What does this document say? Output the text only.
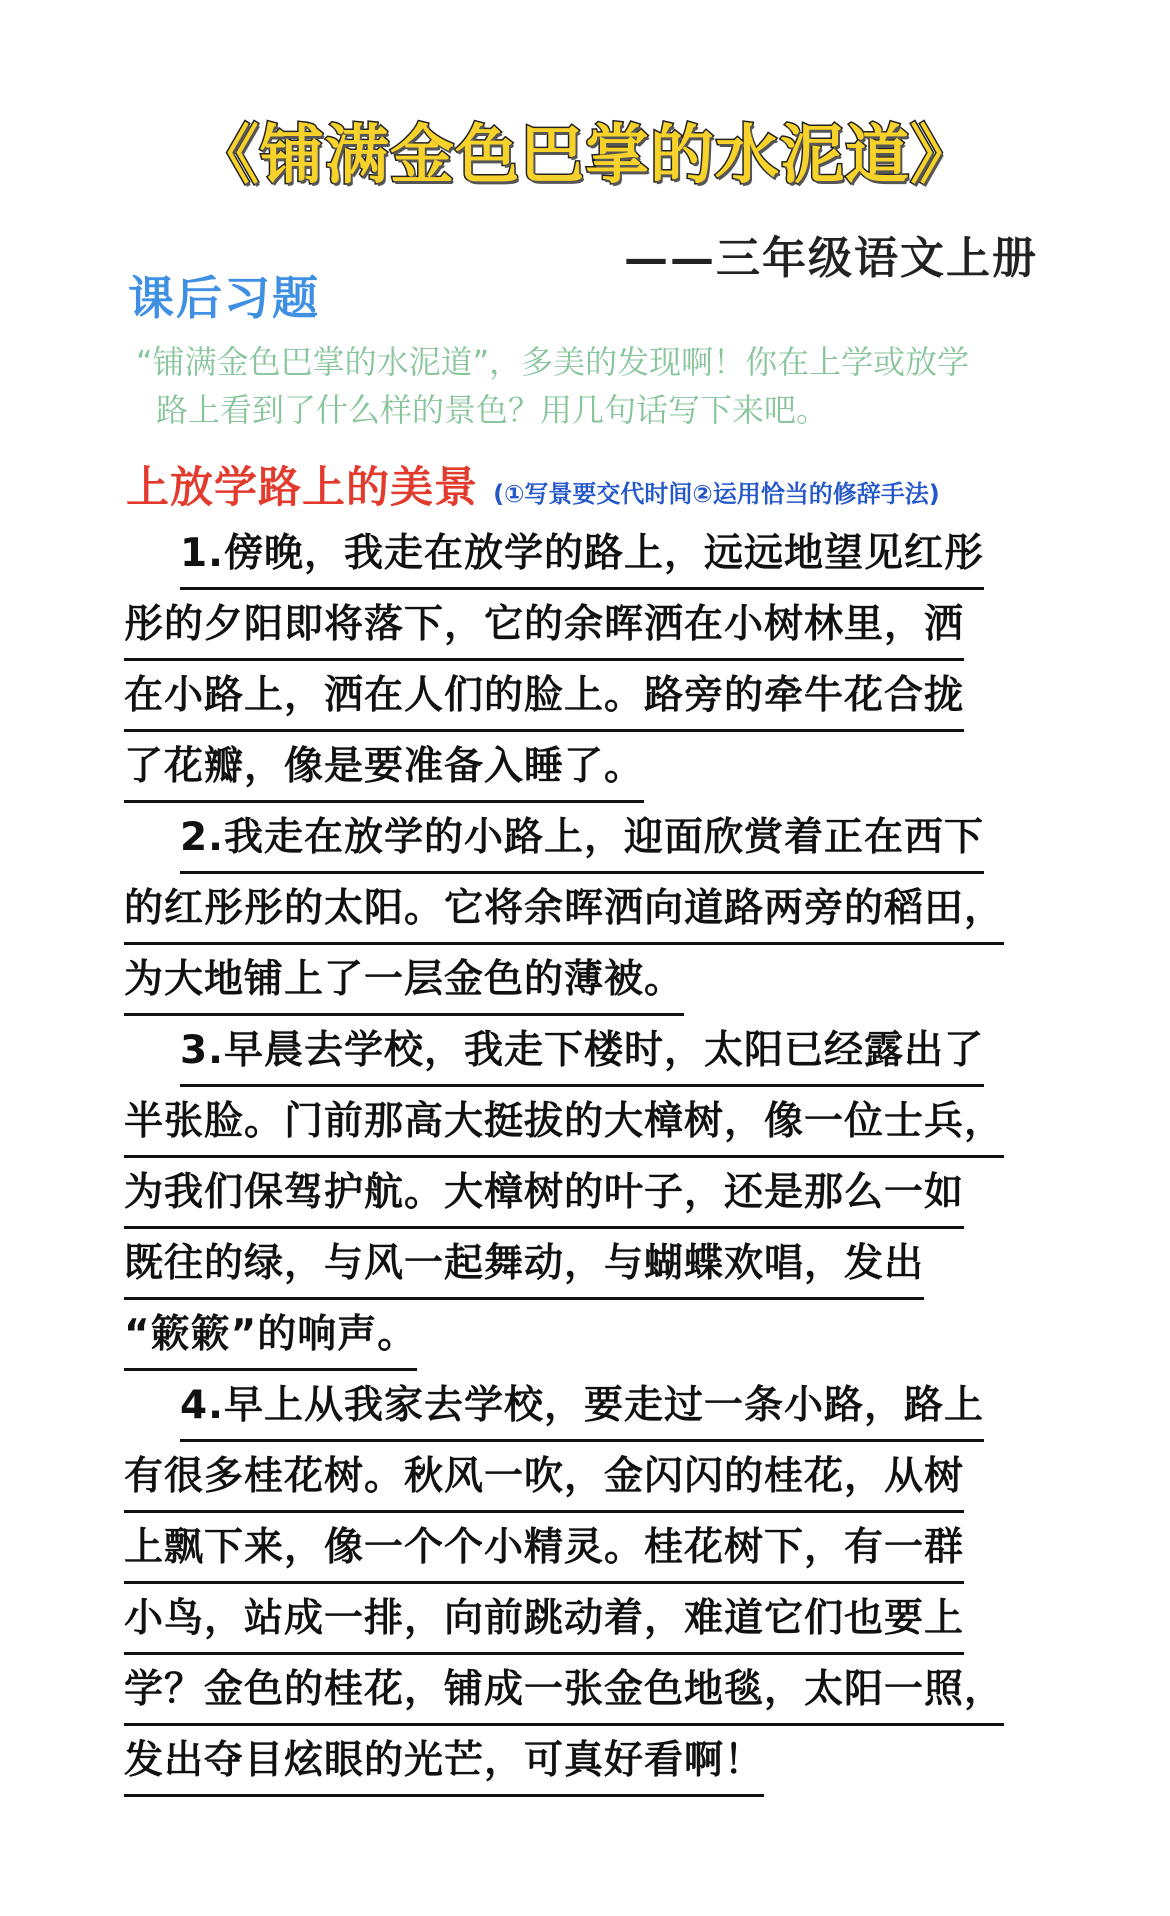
《铺满金色巴掌的水泥道》
——三年级语文上册
课后习题
“铺满金色巴掌的水泥道”，多美的发现啊！你在上学或放学
路上看到了什么样的景色？用几句话写下来吧。
上放学路上的美景 (①写景要交代时间②运用恰当的修辞手法)
1.傍晚，我走在放学的路上，远远地望见红彤
彤的夕阳即将落下，它的余晖洒在小树林里，洒
在小路上，洒在人们的脸上。路旁的牵牛花合拢
了花瓣，像是要准备入睡了。
2.我走在放学的小路上，迎面欣赏着正在西下
的红彤彤的太阳。它将余晖洒向道路两旁的稻田，
为大地铺上了一层金色的薄被。
3.早晨去学校，我走下楼时，太阳已经露出了
半张脸。门前那高大挺拔的大樟树，像一位士兵，
为我们保驾护航。大樟树的叶子，还是那么一如
既往的绿，与风一起舞动，与蝴蝶欢唱，发出
“簌簌”的响声。
4.早上从我家去学校，要走过一条小路，路上
有很多桂花树。秋风一吹，金闪闪的桂花，从树
上飘下来，像一个个小精灵。桂花树下，有一群
小鸟，站成一排，向前跳动着，难道它们也要上
学？金色的桂花，铺成一张金色地毯，太阳一照，
发出夺目炫眼的光芒，可真好看啊！
